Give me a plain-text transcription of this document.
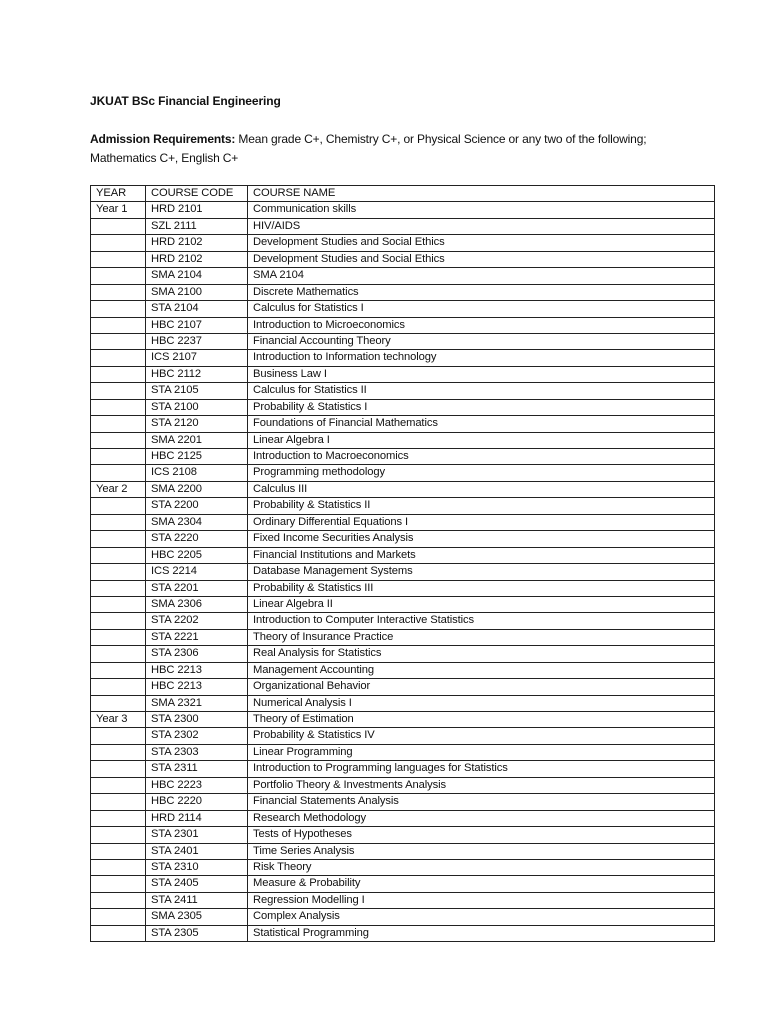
JKUAT BSc Financial Engineering
Admission Requirements: Mean grade C+, Chemistry C+, or Physical Science or any two of the following; Mathematics C+, English C+
YEAR	COURSE CODE	COURSE NAME
Year 1	HRD 2101	Communication skills
	SZL 2111	HIV/AIDS
	HRD 2102	Development Studies and Social Ethics
	HRD 2102	Development Studies and Social Ethics
	SMA 2104	SMA 2104
	SMA 2100	Discrete Mathematics
	STA 2104	Calculus for Statistics I
	HBC 2107	Introduction to Microeconomics
	HBC 2237	Financial Accounting Theory
	ICS 2107	Introduction to Information technology
	HBC 2112	Business Law I
	STA 2105	Calculus for Statistics II
	STA 2100	Probability & Statistics I
	STA 2120	Foundations of Financial Mathematics
	SMA 2201	Linear Algebra I
	HBC 2125	Introduction to Macroeconomics
	ICS 2108	Programming methodology
Year 2	SMA 2200	Calculus III
	STA 2200	Probability & Statistics II
	SMA 2304	Ordinary Differential Equations I
	STA 2220	Fixed Income Securities Analysis
	HBC 2205	Financial Institutions and Markets
	ICS 2214	Database Management Systems
	STA 2201	Probability & Statistics III
	SMA 2306	Linear Algebra II
	STA 2202	Introduction to Computer Interactive Statistics
	STA 2221	Theory of Insurance Practice
	STA 2306	Real Analysis for Statistics
	HBC 2213	Management Accounting
	HBC 2213	Organizational Behavior
	SMA 2321	Numerical Analysis I
Year 3	STA 2300	Theory of Estimation
	STA 2302	Probability & Statistics IV
	STA 2303	Linear Programming
	STA 2311	Introduction to Programming languages for Statistics
	HBC 2223	Portfolio Theory & Investments Analysis
	HBC 2220	Financial Statements Analysis
	HRD 2114	Research Methodology
	STA 2301	Tests of Hypotheses
	STA 2401	Time Series Analysis
	STA 2310	Risk Theory
	STA 2405	Measure & Probability
	STA 2411	Regression Modelling I
	SMA 2305	Complex Analysis
	STA 2305	Statistical Programming
